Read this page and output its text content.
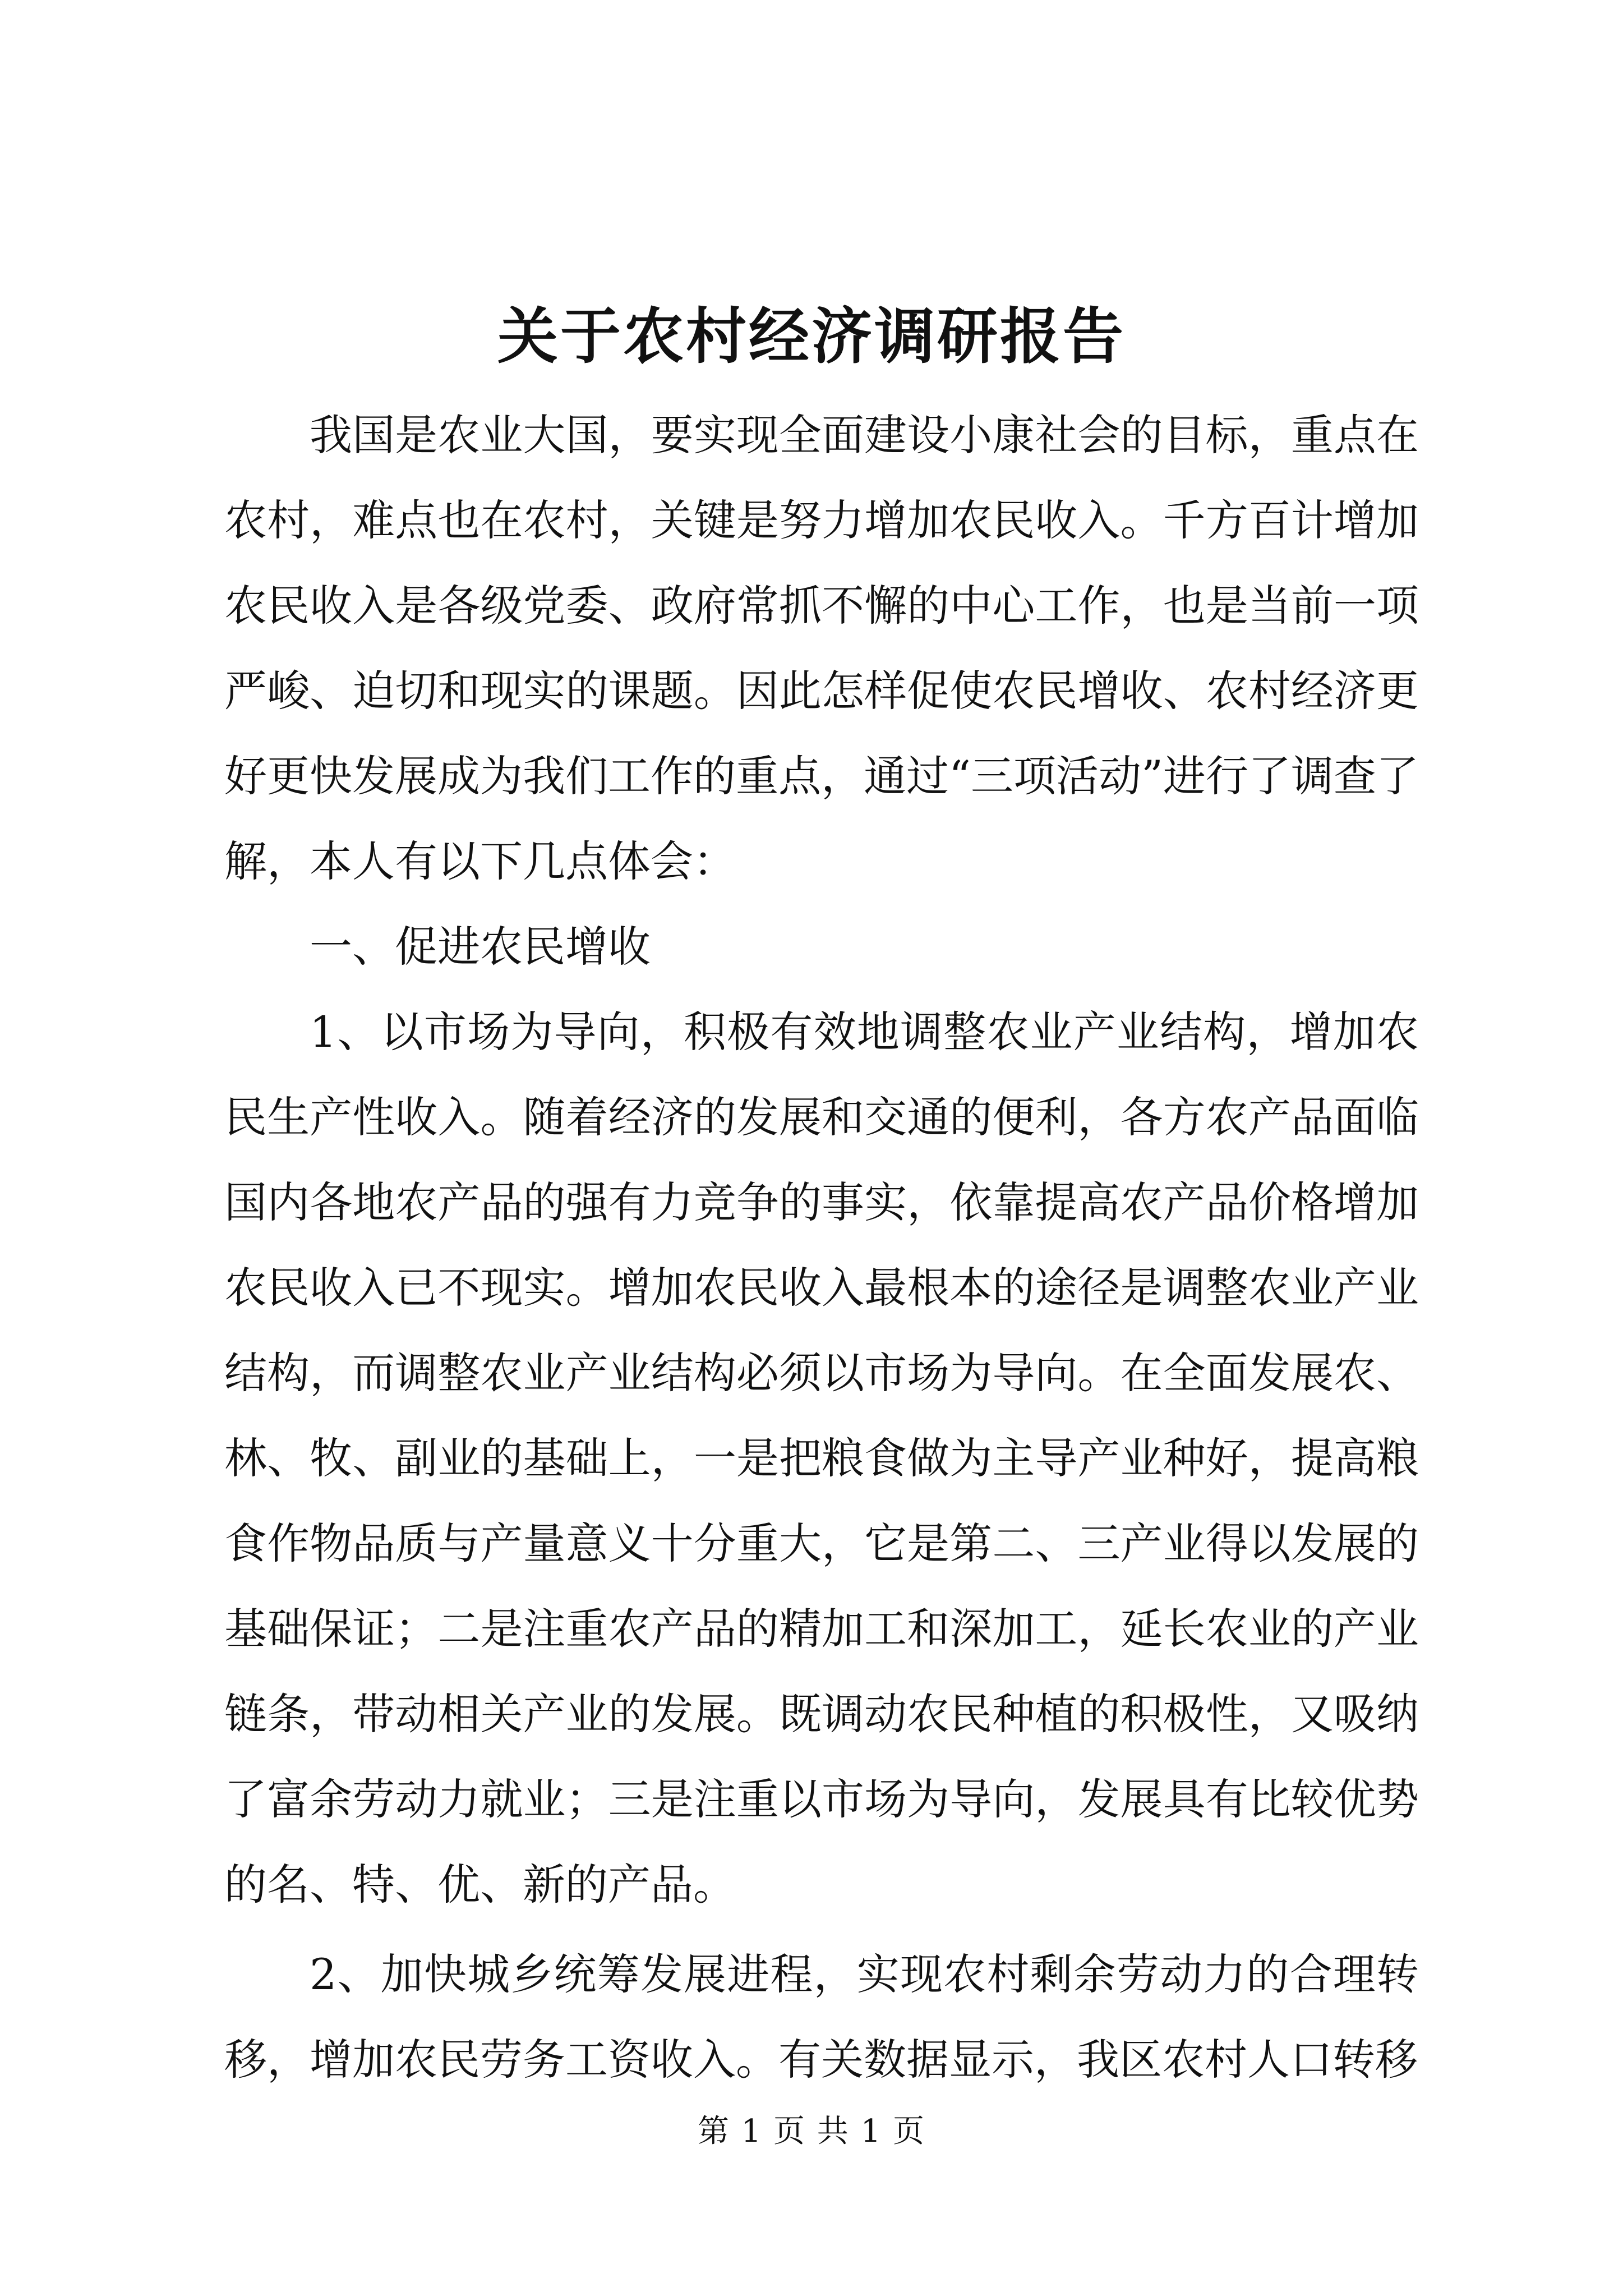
关于农村经济调研报告

我国是农业大国，要实现全面建设小康社会的目标，重点在农村，难点也在农村，关键是努力增加农民收入。千方百计增加农民收入是各级党委、政府常抓不懈的中心工作，也是当前一项严峻、迫切和现实的课题。因此怎样促使农民增收、农村经济更好更快发展成为我们工作的重点，通过“三项活动”进行了调查了解，本人有以下几点体会：

一、促进农民增收

1、以市场为导向，积极有效地调整农业产业结构，增加农民生产性收入。随着经济的发展和交通的便利，各方农产品面临国内各地农产品的强有力竞争的事实，依靠提高农产品价格增加农民收入已不现实。增加农民收入最根本的途径是调整农业产业结构，而调整农业产业结构必须以市场为导向。在全面发展农、林、牧、副业的基础上，一是把粮食做为主导产业种好，提高粮食作物品质与产量意义十分重大，它是第二、三产业得以发展的基础保证；二是注重农产品的精加工和深加工，延长农业的产业链条，带动相关产业的发展。既调动农民种植的积极性，又吸纳了富余劳动力就业；三是注重以市场为导向，发展具有比较优势的名、特、优、新的产品。

2、加快城乡统筹发展进程，实现农村剩余劳动力的合理转移，增加农民劳务工资收入。有关数据显示，我区农村人口转移

第 1 页 共 1 页
